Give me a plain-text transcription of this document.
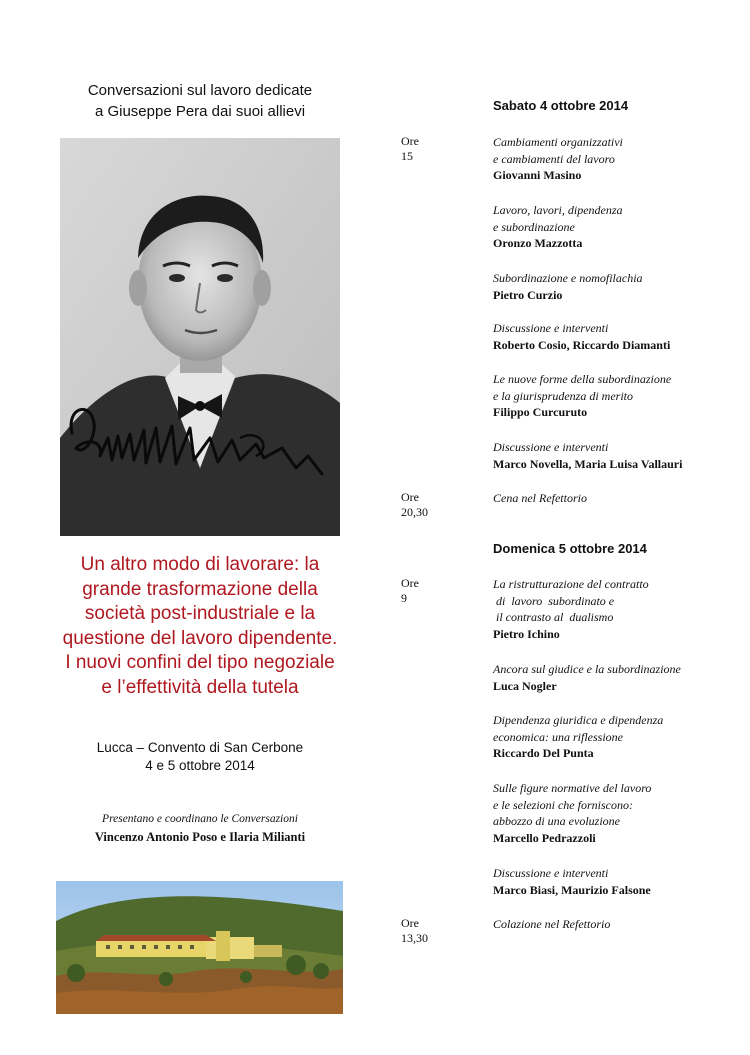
Conversazioni sul lavoro dedicate
a Giuseppe Pera dai suoi allievi
Un altro modo di lavorare: la
grande trasformazione della
società post-industriale e la
questione del lavoro dipendente.
I nuovi confini del tipo negoziale
e l’effettività della tutela
Lucca – Convento di San Cerbone
4 e 5 ottobre 2014
Presentano e coordinano le Conversazioni
Vincenzo Antonio Poso e Ilaria Milianti
Sabato 4 ottobre 2014
Ore 15
Cambiamenti organizzativi
e cambiamenti del lavoro
Giovanni Masino
Lavoro, lavori, dipendenza
e subordinazione
Oronzo Mazzotta
Subordinazione e nomofilachia
Pietro Curzio
Discussione e interventi
Roberto Cosio, Riccardo Diamanti
Le nuove forme della subordinazione
e la giurisprudenza di merito
Filippo Curcuruto
Discussione e interventi
Marco Novella, Maria Luisa Vallauri
Ore 20,30
Cena nel Refettorio
Domenica 5 ottobre 2014
Ore 9
La ristrutturazione del contratto
di  lavoro  subordinato e
il contrasto al  dualismo
Pietro Ichino
Ancora sul giudice e la subordinazione
Luca Nogler
Dipendenza giuridica e dipendenza
economica: una riflessione
Riccardo Del Punta
Sulle figure normative del lavoro
e le selezioni che forniscono:
abbozzo di una evoluzione
Marcello Pedrazzoli
Discussione e interventi
Marco Biasi, Maurizio Falsone
Ore 13,30
Colazione nel Refettorio
